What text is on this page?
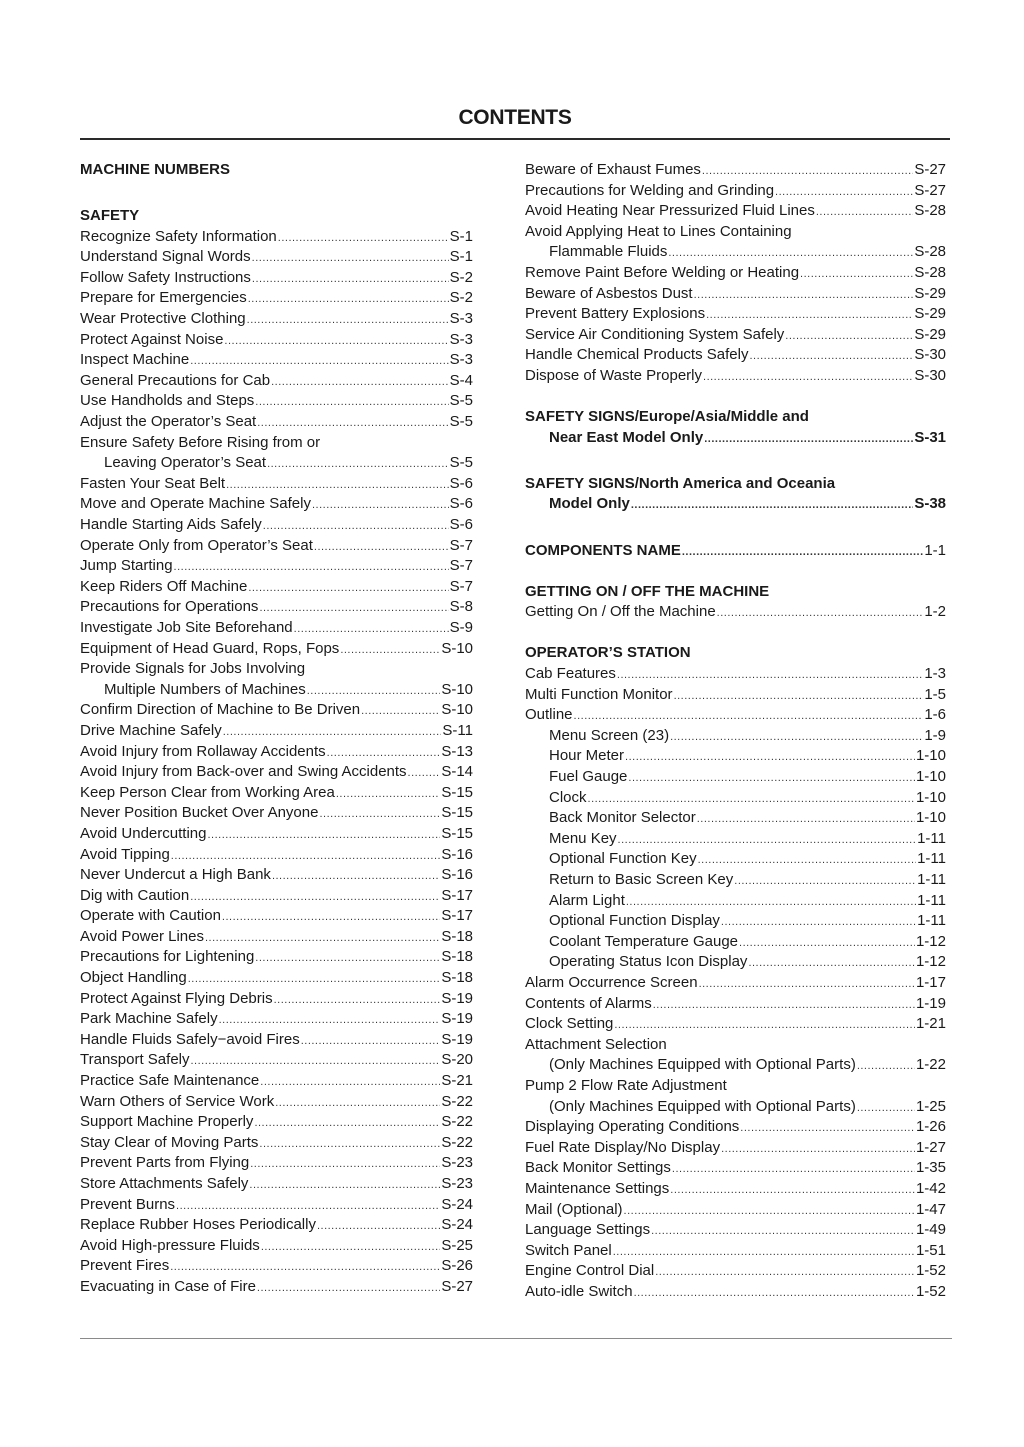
CONTENTS
MACHINE NUMBERS
SAFETY
Recognize Safety Information .....	S-1
Understand Signal Words .....	S-1
Follow Safety Instructions .....	S-2
Prepare for Emergencies .....	S-2
Wear Protective Clothing .....	S-3
Protect Against Noise .....	S-3
Inspect Machine .....	S-3
General Precautions for Cab .....	S-4
Use Handholds and Steps .....	S-5
Adjust the Operator’s Seat .....	S-5
Ensure Safety Before Rising from or
Leaving Operator’s Seat .....	S-5
Fasten Your Seat Belt .....	S-6
Move and Operate Machine Safely .....	S-6
Handle Starting Aids Safely .....	S-6
Operate Only from Operator’s Seat .....	S-7
Jump Starting .....	S-7
Keep Riders Off Machine .....	S-7
Precautions for Operations .....	S-8
Investigate Job Site Beforehand .....	S-9
Equipment of Head Guard, Rops, Fops .....	S-10
Provide Signals for Jobs Involving
Multiple Numbers of Machines .....	S-10
Confirm Direction of Machine to Be Driven .....	S-10
Drive Machine Safely .....	S-11
Avoid Injury from Rollaway Accidents .....	S-13
Avoid Injury from Back-over and Swing Accidents ..... S-14
Keep Person Clear from Working Area .....	S-15
Never Position Bucket Over Anyone .....	S-15
Avoid Undercutting .....	S-15
Avoid Tipping .....	S-16
Never Undercut a High Bank .....	S-16
Dig with Caution .....	S-17
Operate with Caution .....	S-17
Avoid Power Lines .....	S-18
Precautions for Lightening .....	S-18
Object Handling .....	S-18
Protect Against Flying Debris .....	S-19
Park Machine Safely .....	S-19
Handle Fluids Safely−avoid Fires .....	S-19
Transport Safely .....	S-20
Practice Safe Maintenance .....	S-21
Warn Others of Service Work .....	S-22
Support Machine Properly .....	S-22
Stay Clear of Moving Parts .....	S-22
Prevent Parts from Flying .....	S-23
Store Attachments Safely .....	S-23
Prevent Burns .....	S-24
Replace Rubber Hoses Periodically .....	S-24
Avoid High-pressure Fluids .....	S-25
Prevent Fires .....	S-26
Evacuating in Case of Fire .....	S-27
Beware of Exhaust Fumes .....	S-27
Precautions for Welding and Grinding .....	S-27
Avoid Heating Near Pressurized Fluid Lines .....	S-28
Avoid Applying Heat to Lines Containing
Flammable Fluids .....	S-28
Remove Paint Before Welding or Heating .....	S-28
Beware of Asbestos Dust .....	S-29
Prevent Battery Explosions .....	S-29
Service Air Conditioning System Safely .....	S-29
Handle Chemical Products Safely .....	S-30
Dispose of Waste Properly .....	S-30
SAFETY SIGNS/Europe/Asia/Middle and
Near East Model Only .....	S-31
SAFETY SIGNS/North America and Oceania
Model Only .....	S-38
COMPONENTS NAME .....	1-1
GETTING ON / OFF THE MACHINE
Getting On / Off the Machine .....	1-2
OPERATOR’S STATION
Cab Features .....	1-3
Multi Function Monitor .....	1-5
Outline .....	1-6
Menu Screen (23) .....	1-9
Hour Meter .....	1-10
Fuel Gauge .....	1-10
Clock .....	1-10
Back Monitor Selector .....	1-10
Menu Key .....	1-11
Optional Function Key .....	1-11
Return to Basic Screen Key .....	1-11
Alarm Light .....	1-11
Optional Function Display .....	1-11
Coolant Temperature Gauge .....	1-12
Operating Status Icon Display .....	1-12
Alarm Occurrence Screen .....	1-17
Contents of Alarms .....	1-19
Clock Setting .....	1-21
Attachment Selection
(Only Machines Equipped with Optional Parts) .....	1-22
Pump 2 Flow Rate Adjustment
(Only Machines Equipped with Optional Parts) .....	1-25
Displaying Operating Conditions .....	1-26
Fuel Rate Display/No Display .....	1-27
Back Monitor Settings .....	1-35
Maintenance Settings .....	1-42
Mail (Optional) .....	1-47
Language Settings .....	1-49
Switch Panel .....	1-51
Engine Control Dial .....	1-52
Auto-idle Switch .....	1-52
